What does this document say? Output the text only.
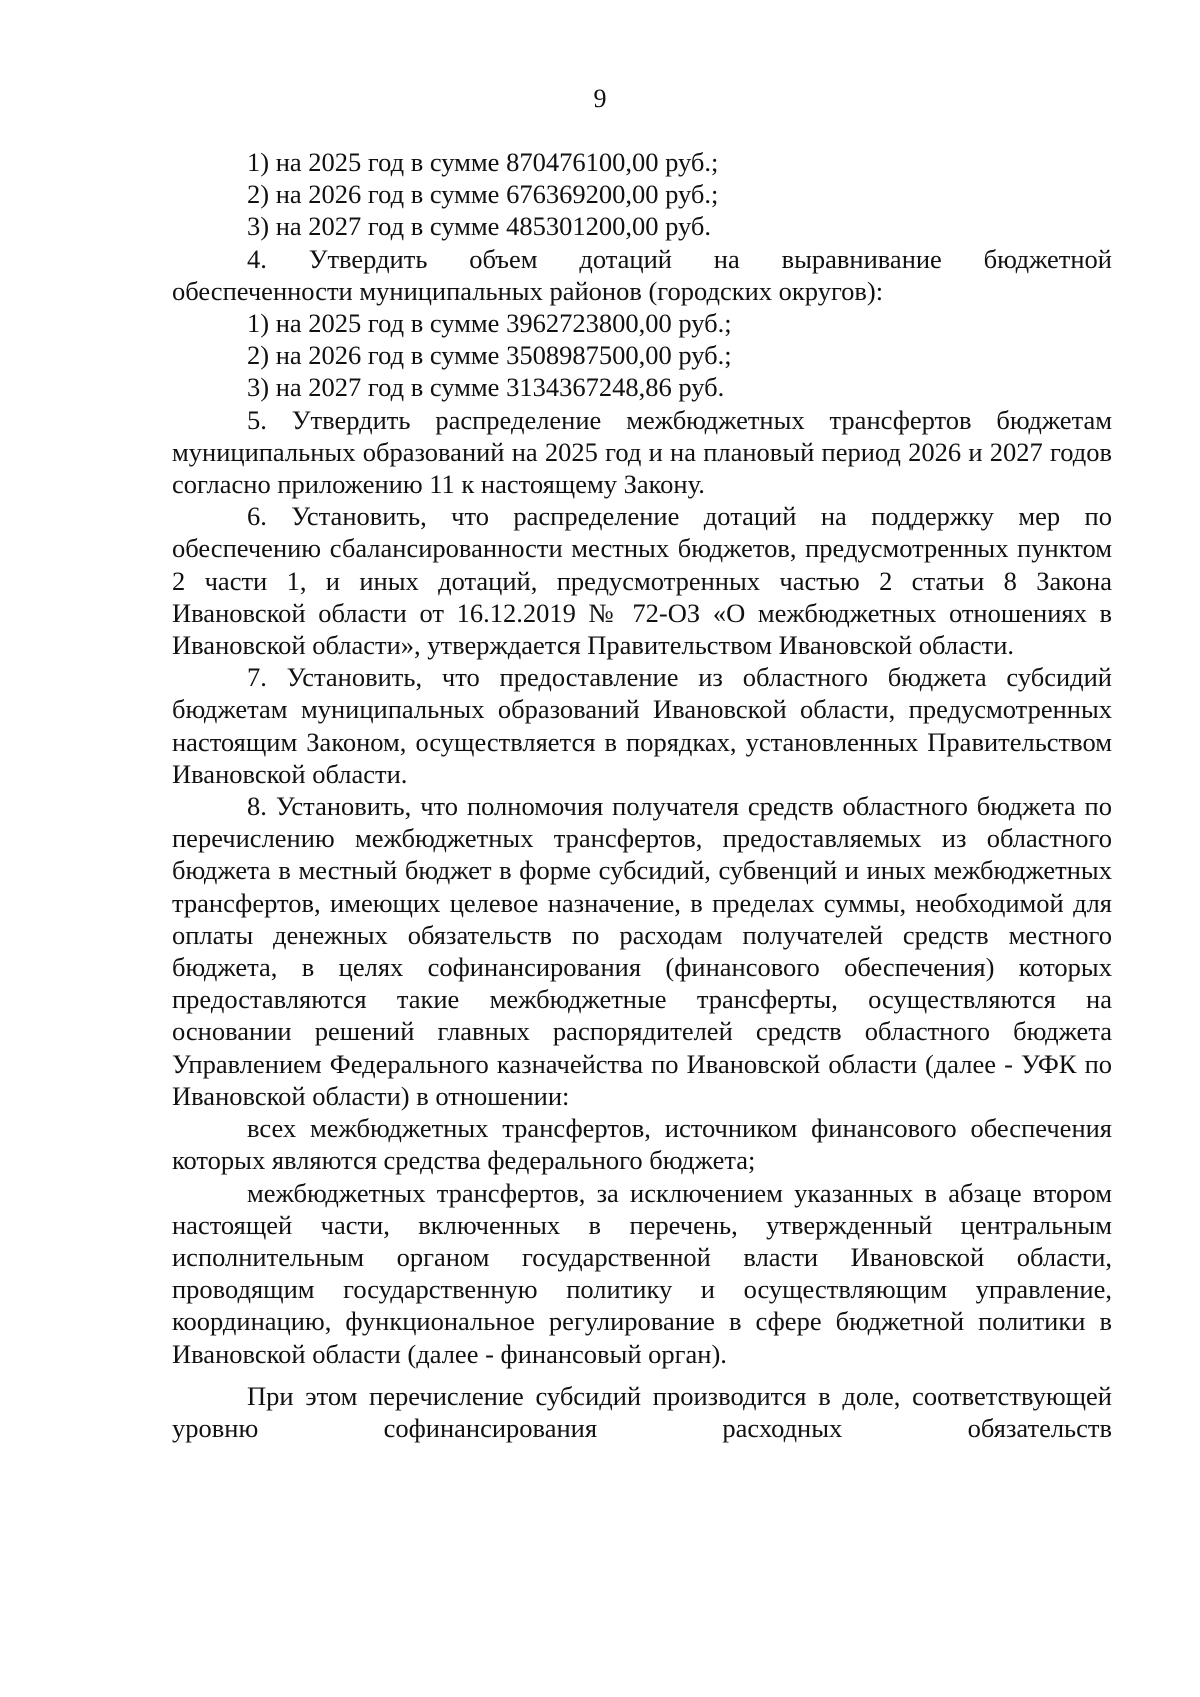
9

1) на 2025 год в сумме 870476100,00 руб.;

2) на 2026 год в сумме 676369200,00 руб.;

3) на 2027 год в сумме 485301200,00 руб.

4. Утвердить объем дотаций на выравнивание бюджетной

обеспеченности муниципальных районов (городских округов):

1) на 2025 год в сумме 3962723800,00 руб.;

2) на 2026 год в сумме 3508987500,00 руб.;

3) на 2027 год в сумме 3134367248,86 руб.

5. Утвердить распределение межбюджетных трансфертов бюджетам муниципальных образований на 2025 год и на плановый период 2026 и 2027 годов согласно приложению 11 к настоящему Закону.

6. Установить, что распределение дотаций на поддержку мер по обеспечению сбалансированности местных бюджетов, предусмотренных пунктом 2 части 1, и иных дотаций, предусмотренных частью 2 статьи 8 Закона Ивановской области от 16.12.2019 № 72-ОЗ «О межбюджетных отношениях в Ивановской области», утверждается Правительством Ивановской области.

7. Установить, что предоставление из областного бюджета субсидий бюджетам муниципальных образований Ивановской области, предусмотренных настоящим Законом, осуществляется в порядках, установленных Правительством Ивановской области.

8. Установить, что полномочия получателя средств областного бюджета по перечислению межбюджетных трансфертов, предоставляемых из областного бюджета в местный бюджет в форме субсидий, субвенций и иных межбюджетных трансфертов, имеющих целевое назначение, в пределах суммы, необходимой для оплаты денежных обязательств по расходам получателей средств местного бюджета, в целях софинансирования (финансового обеспечения) которых предоставляются такие межбюджетные трансферты, осуществляются на основании решений главных распорядителей средств областного бюджета Управлением Федерального казначейства по Ивановской области (далее - УФК по Ивановской области) в отношении:

всех межбюджетных трансфертов, источником финансового обеспечения которых являются средства федерального бюджета;

межбюджетных трансфертов, за исключением указанных в абзаце втором настоящей части, включенных в перечень, утвержденный центральным исполнительным органом государственной власти Ивановской области, проводящим государственную политику и осуществляющим управление, координацию, функциональное регулирование в сфере бюджетной политики в Ивановской области (далее - финансовый орган).

При этом перечисление субсидий производится в доле, соответствующей уровню софинансирования расходных обязательств
